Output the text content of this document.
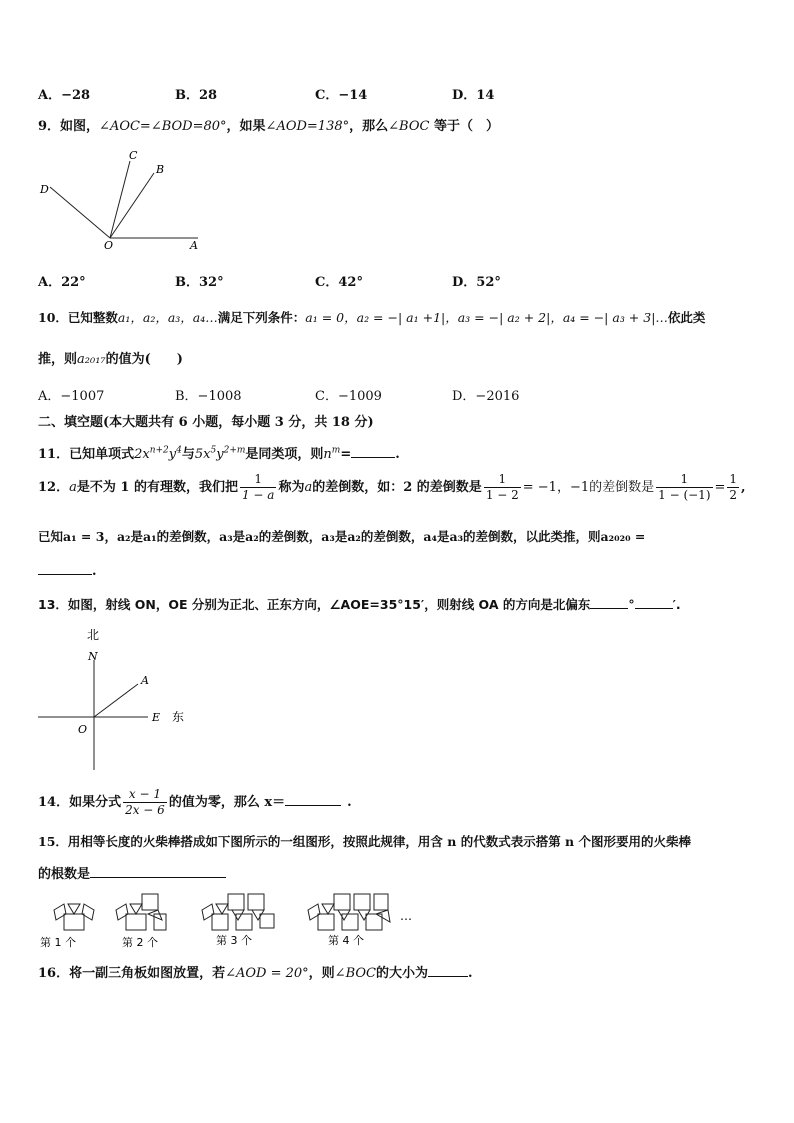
A．−28	B．28	C．−14	D．14
9．如图，∠AOC=∠BOD=80°，如果∠AOD=138°，那么∠BOC 等于（　）
C
B
D
O	A
A．22°	B．32°	C．42°	D．52°
10．已知整数a₁，a₂，a₃，a₄…满足下列条件：a₁ = 0，a₂ = −| a₁ +1|，a₃ = −| a₂ + 2|，a₄ = −| a₃ + 3|…依此类
推，则a₂₀₁₇的值为(　　)
A．−1007	B．−1008	C．−1009	D．−2016
二、填空题(本大题共有 6 小题，每小题 3 分，共 18 分)
11．已知单项式$2x^{n+2}y^4$与$5x^5y^{2+m}$是同类项，则$n^m=$	.
12．a是不为 1 的有理数，我们把 $\frac{1}{1 - a}$ 称为a的差倒数，如：2 的差倒数是 $\frac{1}{1 - 2} = -1$，−1的差倒数是 $\frac{1}{1 - (-1)} = \frac{1}{2}$ ,
已知a₁ = 3，a₂是a₁的差倒数，a₃是a₂的差倒数，a₃是a₂的差倒数，a₄是a₃的差倒数，以此类推，则a₂₀₂₀ =
.
13．如图，射线 ON，OE 分别为正北、正东方向，∠AOE=35°15′，则射线 OA 的方向是北偏东	°	′.
北
N
A
E 东
O
14．如果分式 $\frac{x - 1}{2x - 6}$ 的值为零，那么 x＝	.
15．用相等长度的火柴棒搭成如下图所示的一组图形，按照此规律，用含 n 的代数式表示搭第 n 个图形要用的火柴棒
的根数是
…
第 1 个	第 2 个	第 3 个	第 4 个
16．将一副三角板如图放置，若∠AOD = 20°，则∠BOC的大小为	.
